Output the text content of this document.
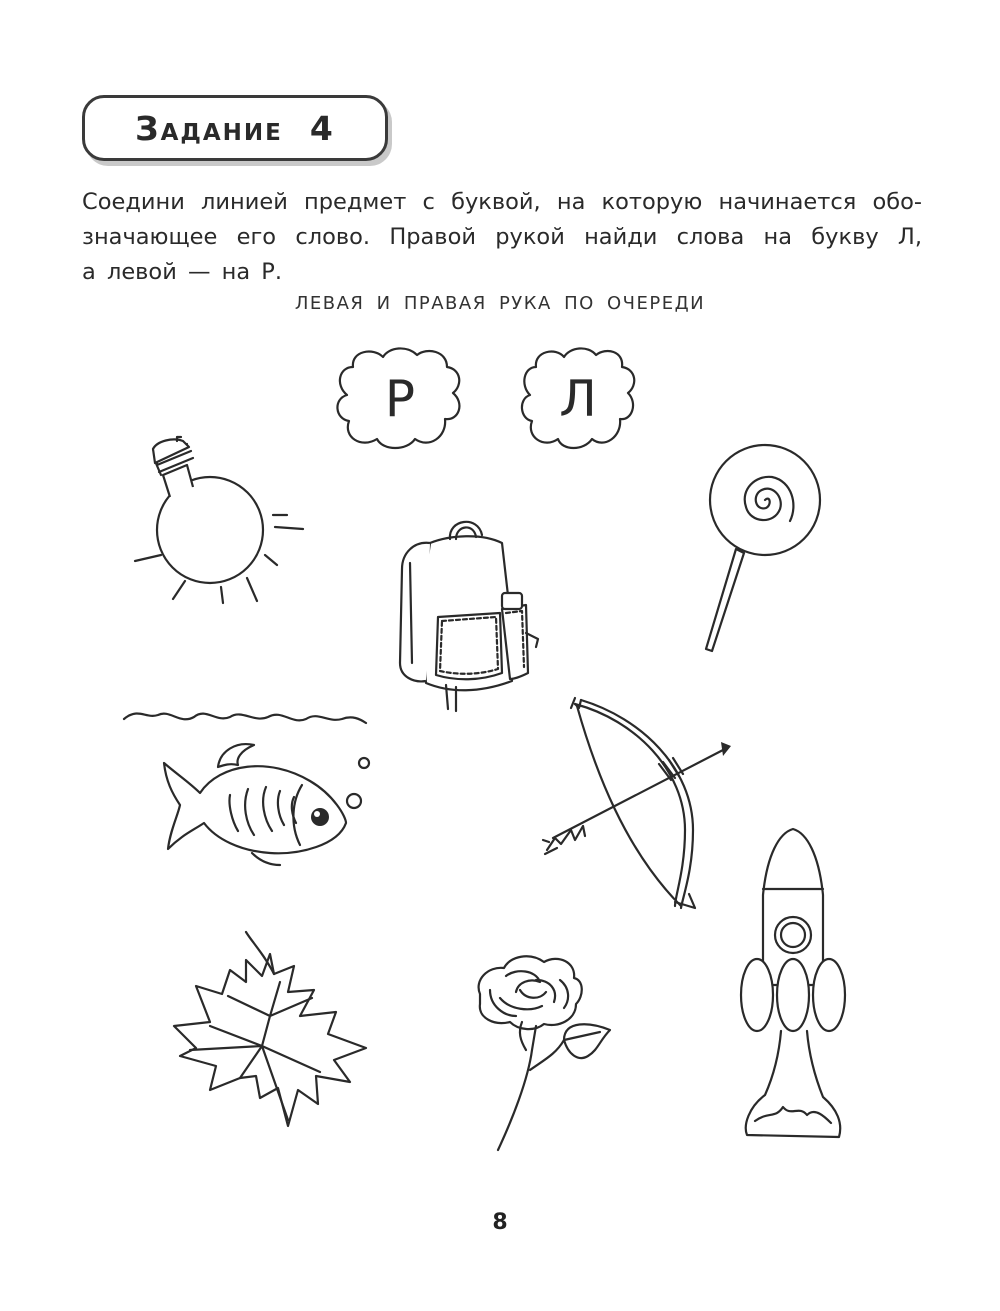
Задание 4

Соедини линией предмет с буквой, на которую начинается обо-
значающее его слово. Правой рукой найди слова на букву Л,
а левой — на Р.

ЛЕВАЯ И ПРАВАЯ РУКА ПО ОЧЕРЕДИ
Р	Л
8
